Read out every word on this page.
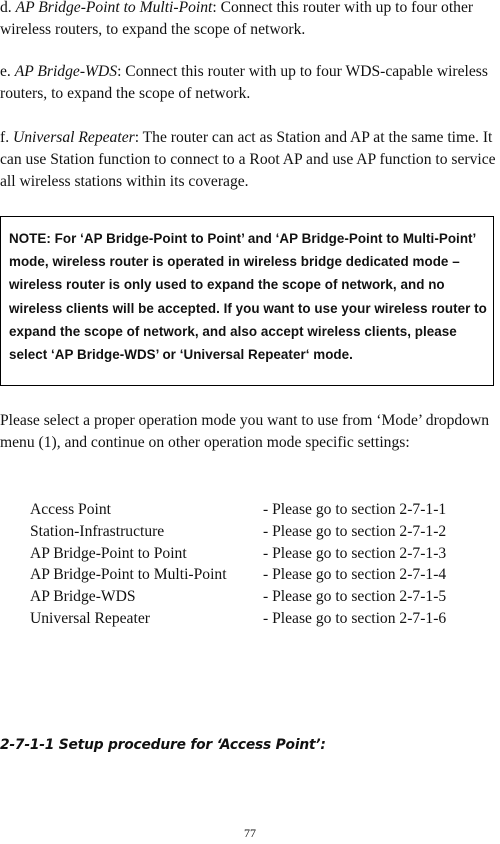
d. AP Bridge-Point to Multi-Point: Connect this router with up to four other wireless routers, to expand the scope of network.

e. AP Bridge-WDS: Connect this router with up to four WDS-capable wireless routers, to expand the scope of network.

f. Universal Repeater: The router can act as Station and AP at the same time. It can use Station function to connect to a Root AP and use AP function to service all wireless stations within its coverage.

NOTE: For ‘AP Bridge-Point to Point’ and ‘AP Bridge-Point to Multi-Point’ mode, wireless router is operated in wireless bridge dedicated mode – wireless router is only used to expand the scope of network, and no wireless clients will be accepted. If you want to use your wireless router to expand the scope of network, and also accept wireless clients, please select ‘AP Bridge-WDS’ or ‘Universal Repeater‘ mode.

Please select a proper operation mode you want to use from ‘Mode’ dropdown menu (1), and continue on other operation mode specific settings:

Access Point	- Please go to section 2-7-1-1
Station-Infrastructure	- Please go to section 2-7-1-2
AP Bridge-Point to Point	- Please go to section 2-7-1-3
AP Bridge-Point to Multi-Point - Please go to section 2-7-1-4
AP Bridge-WDS	- Please go to section 2-7-1-5
Universal Repeater	- Please go to section 2-7-1-6
2-7-1-1 Setup procedure for ‘Access Point’:
77
